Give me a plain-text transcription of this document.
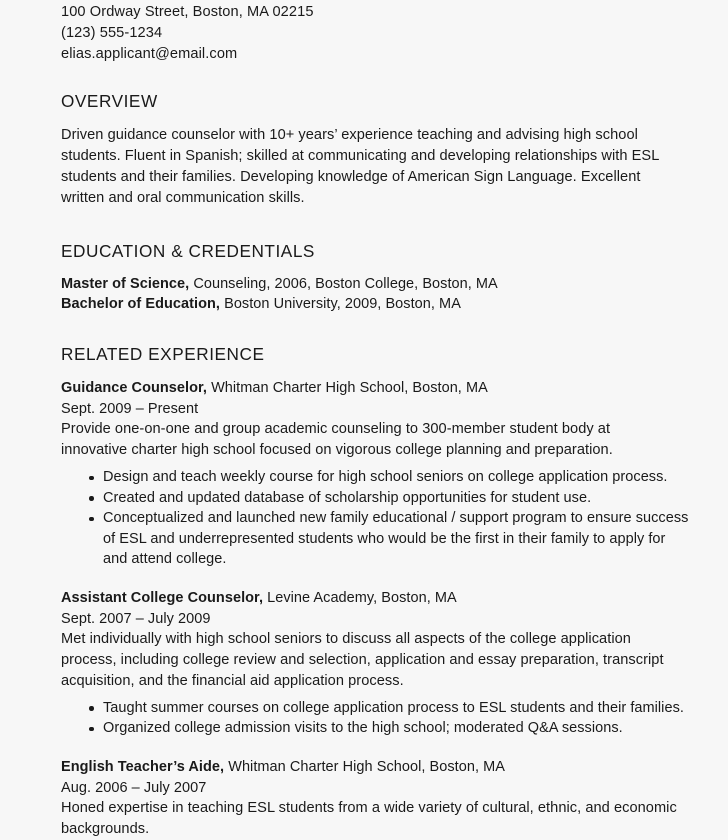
100 Ordway Street, Boston, MA 02215
(123) 555-1234
elias.applicant@email.com
OVERVIEW

Driven guidance counselor with 10+ years’ experience teaching and advising high school students. Fluent in Spanish; skilled at communicating and developing relationships with ESL students and their families. Developing knowledge of American Sign Language. Excellent written and oral communication skills.

EDUCATION & CREDENTIALS

Master of Science, Counseling, 2006, Boston College, Boston, MA

Bachelor of Education, Boston University, 2009, Boston, MA

RELATED EXPERIENCE

Guidance Counselor, Whitman Charter High School, Boston, MA

Sept. 2009 – Present

Provide one-on-one and group academic counseling to 300-member student body at innovative charter high school focused on vigorous college planning and preparation.

Design and teach weekly course for high school seniors on college application process.
Created and updated database of scholarship opportunities for student use.
Conceptualized and launched new family educational / support program to ensure success of ESL and underrepresented students who would be the first in their family to apply for and attend college.

Assistant College Counselor, Levine Academy, Boston, MA

Sept. 2007 – July 2009

Met individually with high school seniors to discuss all aspects of the college application process, including college review and selection, application and essay preparation, transcript acquisition, and the financial aid application process.

Taught summer courses on college application process to ESL students and their families.
Organized college admission visits to the high school; moderated Q&A sessions.

English Teacher’s Aide, Whitman Charter High School, Boston, MA

Aug. 2006 – July 2007

Honed expertise in teaching ESL students from a wide variety of cultural, ethnic, and economic backgrounds.
